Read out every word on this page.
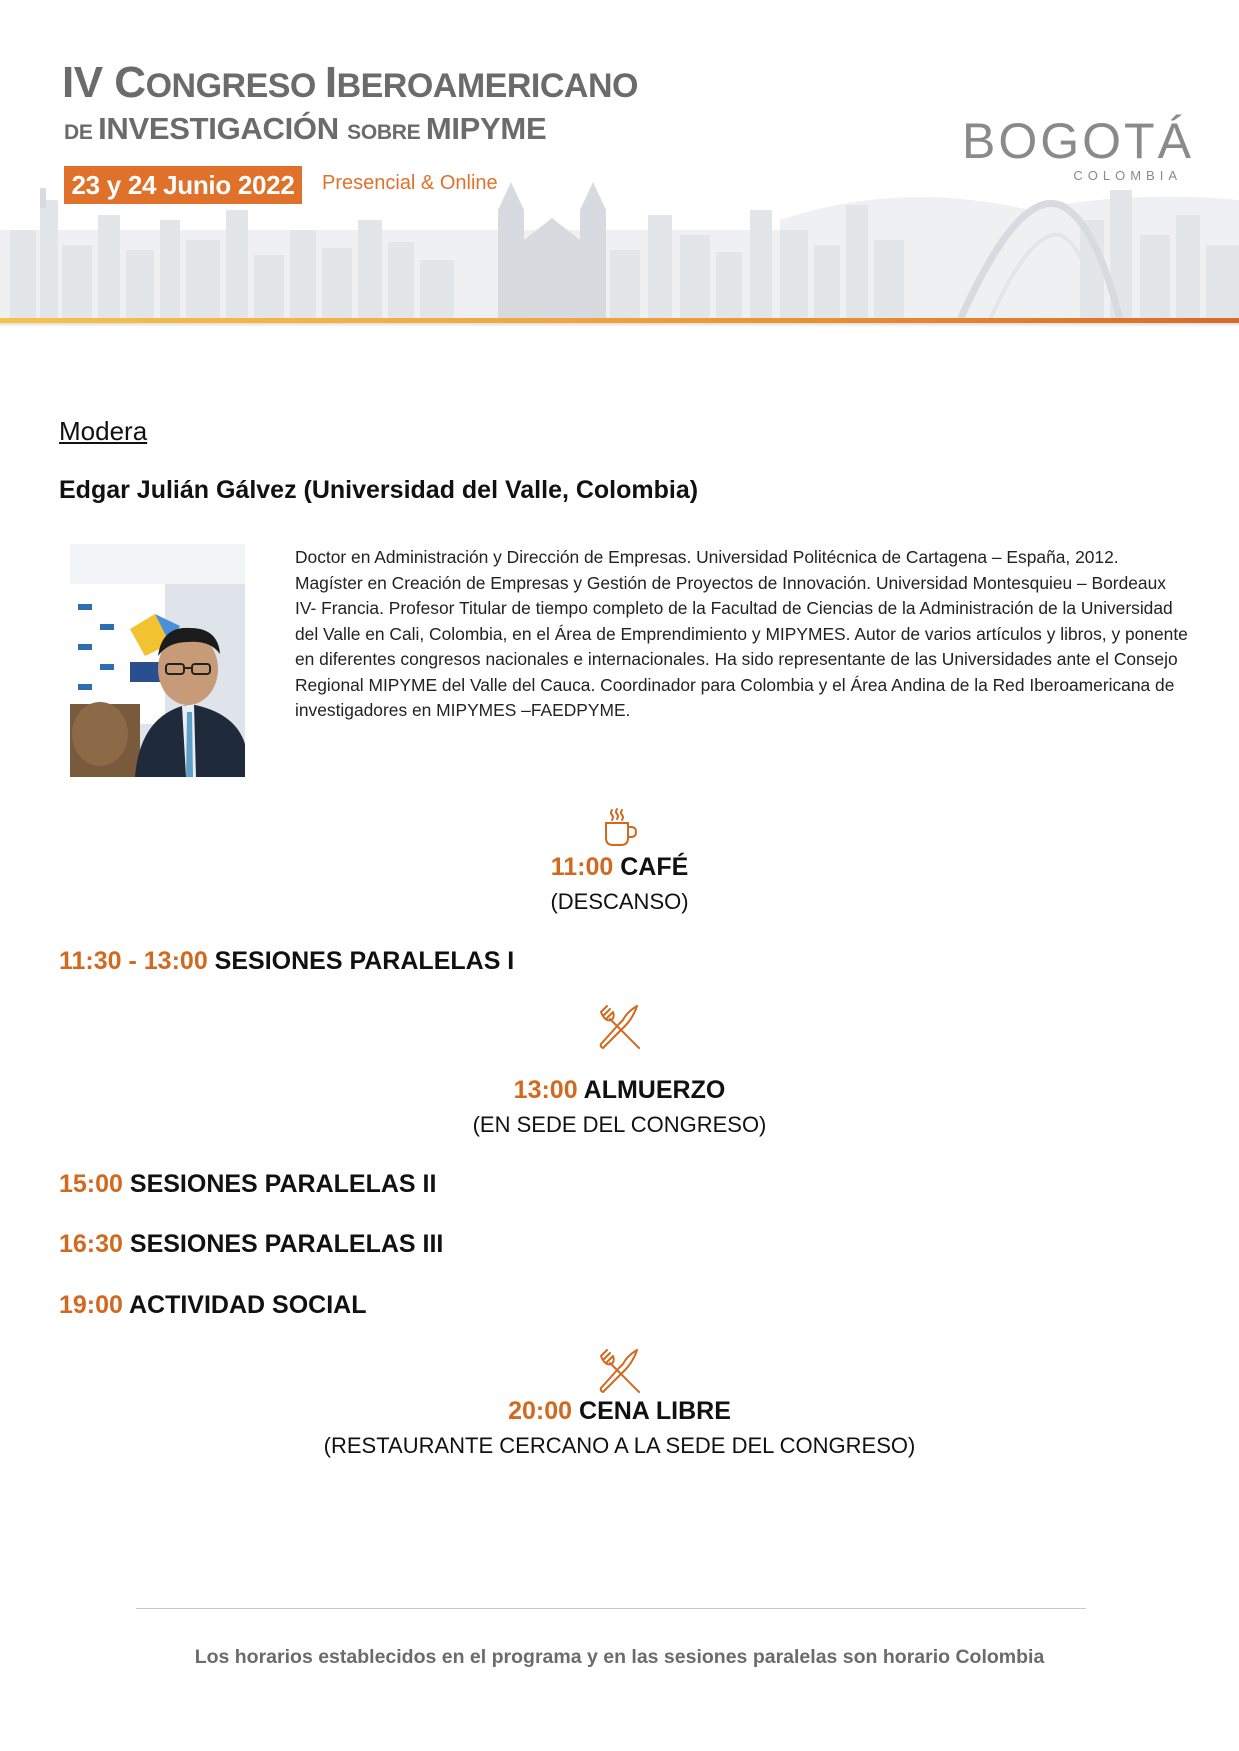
IV CONGRESO IBEROAMERICANO
DE INVESTIGACIÓN SOBRE MIPYME
23 y 24 Junio 2022	Presencial & Online
BOGOTÁ
COLOMBIA
Modera
Edgar Julián Gálvez (Universidad del Valle, Colombia)
Doctor en Administración y Dirección de Empresas. Universidad Politécnica de Cartagena – España, 2012. Magíster en Creación de Empresas y Gestión de Proyectos de Innovación. Universidad Montesquieu – Bordeaux IV- Francia. Profesor Titular de tiempo completo de la Facultad de Ciencias de la Administración de la Universidad del Valle en Cali, Colombia, en el Área de Emprendimiento y MIPYMES. Autor de varios artículos y libros, y ponente en diferentes congresos nacionales e internacionales. Ha sido representante de las Universidades ante el Consejo Regional MIPYME del Valle del Cauca. Coordinador para Colombia y el Área Andina de la Red Iberoamericana de investigadores en MIPYMES –FAEDPYME.
11:00 CAFÉ
(DESCANSO)
11:30 - 13:00 SESIONES PARALELAS I
13:00 ALMUERZO
(EN SEDE DEL CONGRESO)
15:00 SESIONES PARALELAS II
16:30 SESIONES PARALELAS III
19:00 ACTIVIDAD SOCIAL
20:00 CENA LIBRE
(RESTAURANTE CERCANO A LA SEDE DEL CONGRESO)
Los horarios establecidos en el programa y en las sesiones paralelas son horario Colombia
